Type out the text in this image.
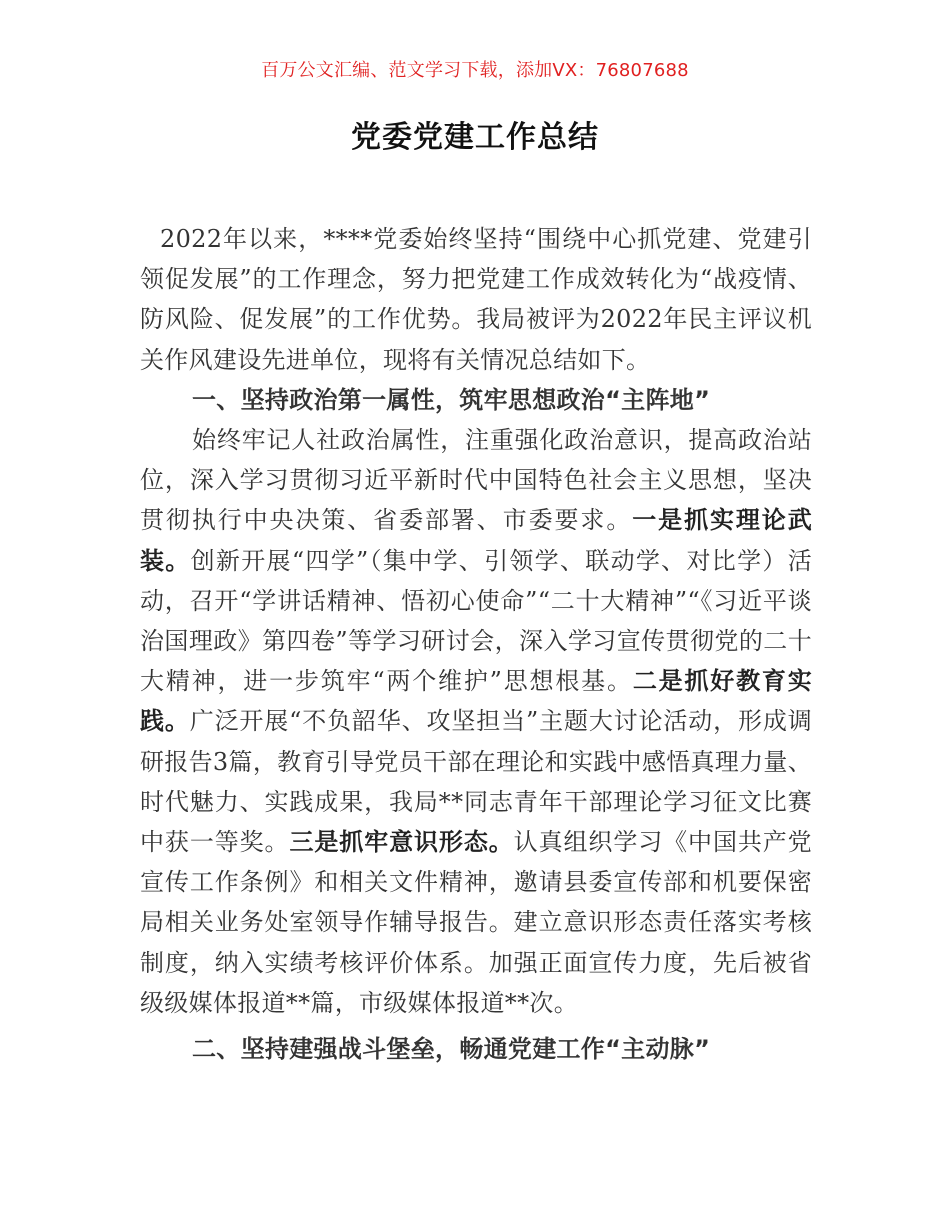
百万公文汇编、范文学习下载，添加VX：76807688
党委党建工作总结

2022年以来，****党委始终坚持“围绕中心抓党建、党建引领促发展”的工作理念，努力把党建工作成效转化为“战疫情、防风险、促发展”的工作优势。我局被评为2022年民主评议机关作风建设先进单位，现将有关情况总结如下。

一、坚持政治第一属性，筑牢思想政治“主阵地”

始终牢记人社政治属性，注重强化政治意识，提高政治站位，深入学习贯彻习近平新时代中国特色社会主义思想，坚决贯彻执行中央决策、省委部署、市委要求。一是抓实理论武装。创新开展“四学”（集中学、引领学、联动学、对比学）活动，召开“学讲话精神、悟初心使命”“二十大精神”“《习近平谈治国理政》第四卷”等学习研讨会，深入学习宣传贯彻党的二十大精神，进一步筑牢“两个维护”思想根基。二是抓好教育实践。广泛开展“不负韶华、攻坚担当”主题大讨论活动，形成调研报告3篇，教育引导党员干部在理论和实践中感悟真理力量、时代魅力、实践成果，我局**同志青年干部理论学习征文比赛中获一等奖。三是抓牢意识形态。认真组织学习《中国共产党宣传工作条例》和相关文件精神，邀请县委宣传部和机要保密局相关业务处室领导作辅导报告。建立意识形态责任落实考核制度，纳入实绩考核评价体系。加强正面宣传力度，先后被省级级媒体报道**篇，市级媒体报道**次。

二、坚持建强战斗堡垒，畅通党建工作“主动脉”
